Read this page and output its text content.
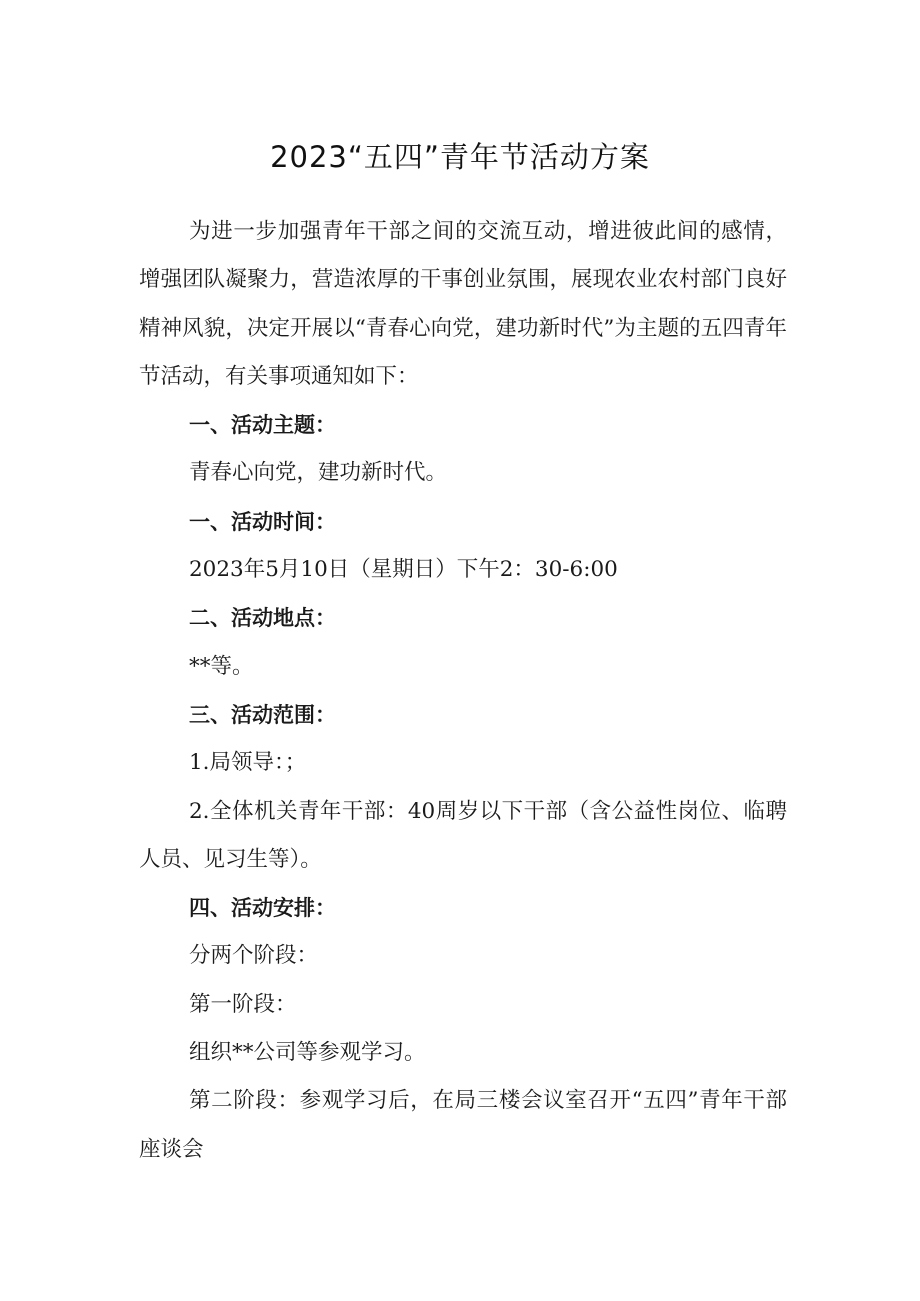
2023“五四”青年节活动方案

为进一步加强青年干部之间的交流互动，增进彼此间的感情，增强团队凝聚力，营造浓厚的干事创业氛围，展现农业农村部门良好精神风貌，决定开展以“青春心向党，建功新时代”为主题的五四青年节活动，有关事项通知如下：

一、活动主题：

青春心向党，建功新时代。

一、活动时间：

2023年5月10日（星期日）下午2：30-6:00

二、活动地点：

**等。

三、活动范围：

1.局领导：；

2.全体机关青年干部：40周岁以下干部（含公益性岗位、临聘人员、见习生等）。

四、活动安排：

分两个阶段：

第一阶段：

组织**公司等参观学习。

第二阶段：参观学习后，在局三楼会议室召开“五四”青年干部座谈会
